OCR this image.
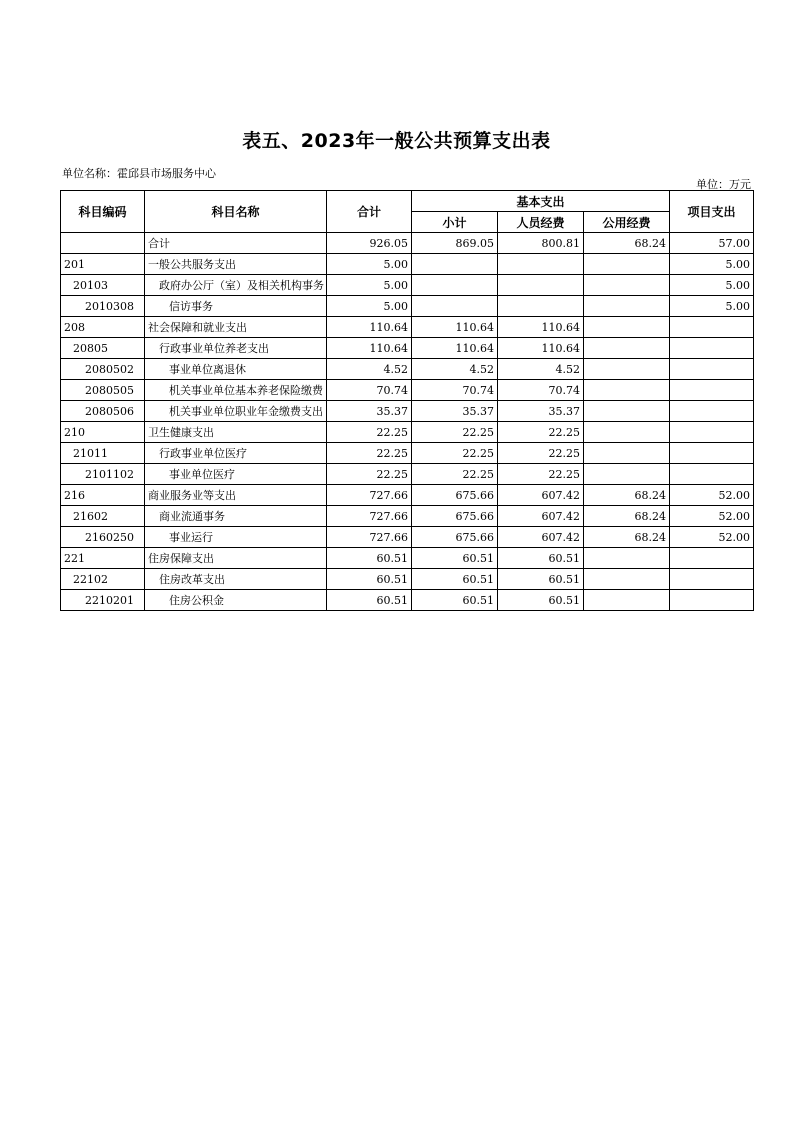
表五、2023年一般公共预算支出表
单位名称：霍邱县市场服务中心
单位：万元
科目编码	科目名称	合计	基本支出			项目支出
			小计	人员经费	公用经费	
	合计	926.05	869.05	800.81	68.24	57.00
201	一般公共服务支出	5.00				5.00
20103	政府办公厅（室）及相关机构事务	5.00				5.00
2010308	信访事务	5.00				5.00
208	社会保障和就业支出	110.64	110.64	110.64		
20805	行政事业单位养老支出	110.64	110.64	110.64		
2080502	事业单位离退休	4.52	4.52	4.52		
2080505	机关事业单位基本养老保险缴费	70.74	70.74	70.74		
2080506	机关事业单位职业年金缴费支出	35.37	35.37	35.37		
210	卫生健康支出	22.25	22.25	22.25		
21011	行政事业单位医疗	22.25	22.25	22.25		
2101102	事业单位医疗	22.25	22.25	22.25		
216	商业服务业等支出	727.66	675.66	607.42	68.24	52.00
21602	商业流通事务	727.66	675.66	607.42	68.24	52.00
2160250	事业运行	727.66	675.66	607.42	68.24	52.00
221	住房保障支出	60.51	60.51	60.51		
22102	住房改革支出	60.51	60.51	60.51		
2210201	住房公积金	60.51	60.51	60.51		
